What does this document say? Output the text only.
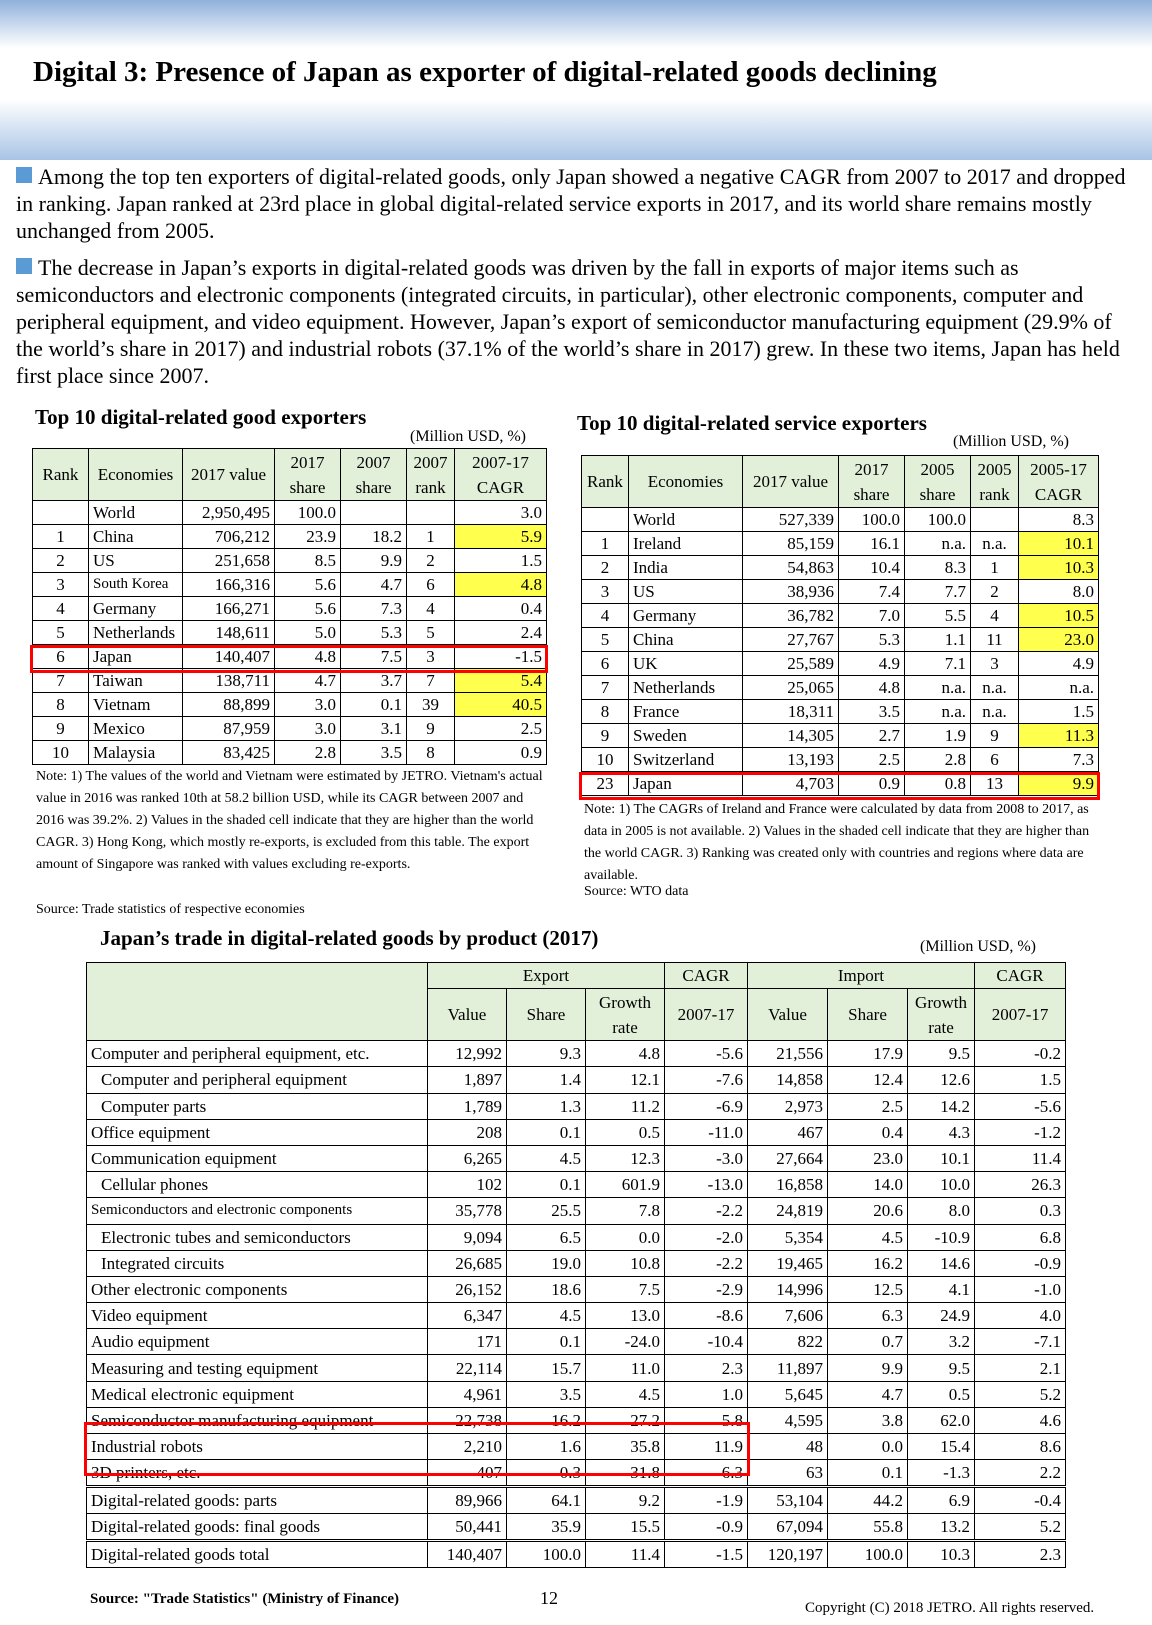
Digital 3: Presence of Japan as exporter of digital-related goods declining
Among the top ten exporters of digital-related goods, only Japan showed a negative CAGR from 2007 to 2017 and dropped in ranking. Japan ranked at 23rd place in global digital-related service exports in 2017, and its world share remains mostly unchanged from 2005.
The decrease in Japan’s exports in digital-related goods was driven by the fall in exports of major items such as semiconductors and electronic components (integrated circuits, in particular), other electronic components, computer and peripheral equipment, and video equipment. However, Japan’s export of semiconductor manufacturing equipment (29.9% of the world’s share in 2017) and industrial robots (37.1% of the world’s share in 2017) grew. In these two items, Japan has held first place since 2007.
Top 10 digital-related good exporters
(Million USD, %)
Rank	Economies	2017 value	2017 share	2007 share	2007 rank	2007-17 CAGR
	World	2,950,495	100.0			3.0
1	China	706,212	23.9	18.2	1	5.9
2	US	251,658	8.5	9.9	2	1.5
3	South Korea	166,316	5.6	4.7	6	4.8
4	Germany	166,271	5.6	7.3	4	0.4
5	Netherlands	148,611	5.0	5.3	5	2.4
6	Japan	140,407	4.8	7.5	3	-1.5
7	Taiwan	138,711	4.7	3.7	7	5.4
8	Vietnam	88,899	3.0	0.1	39	40.5
9	Mexico	87,959	3.0	3.1	9	2.5
10	Malaysia	83,425	2.8	3.5	8	0.9
Note: 1) The values of the world and Vietnam were estimated by JETRO. Vietnam's actual value in 2016 was ranked 10th at 58.2 billion USD, while its CAGR between 2007 and 2016 was 39.2%. 2) Values in the shaded cell indicate that they are higher than the world CAGR. 3) Hong Kong, which mostly re-exports, is excluded from this table. The export amount of Singapore was ranked with values excluding re-exports.
Source: Trade statistics of respective economies
Top 10 digital-related service exporters
(Million USD, %)
Rank	Economies	2017 value	2017 share	2005 share	2005 rank	2005-17 CAGR
	World	527,339	100.0	100.0		8.3
1	Ireland	85,159	16.1	n.a.	n.a.	10.1
2	India	54,863	10.4	8.3	1	10.3
3	US	38,936	7.4	7.7	2	8.0
4	Germany	36,782	7.0	5.5	4	10.5
5	China	27,767	5.3	1.1	11	23.0
6	UK	25,589	4.9	7.1	3	4.9
7	Netherlands	25,065	4.8	n.a.	n.a.	n.a.
8	France	18,311	3.5	n.a.	n.a.	1.5
9	Sweden	14,305	2.7	1.9	9	11.3
10	Switzerland	13,193	2.5	2.8	6	7.3
23	Japan	4,703	0.9	0.8	13	9.9
Note: 1) The CAGRs of Ireland and France were calculated by data from 2008 to 2017, as data in 2005 is not available. 2) Values in the shaded cell indicate that they are higher than the world CAGR. 3) Ranking was created only with countries and regions where data are available.
Source: WTO data
Japan’s trade in digital-related goods by product (2017)	(Million USD, %)
	Export			CAGR	Import			CAGR
	Value	Share	Growth rate	2007-17	Value	Share	Growth rate	2007-17
Computer and peripheral equipment, etc.	12,992	9.3	4.8	-5.6	21,556	17.9	9.5	-0.2
Computer and peripheral equipment	1,897	1.4	12.1	-7.6	14,858	12.4	12.6	1.5
Computer parts	1,789	1.3	11.2	-6.9	2,973	2.5	14.2	-5.6
Office equipment	208	0.1	0.5	-11.0	467	0.4	4.3	-1.2
Communication equipment	6,265	4.5	12.3	-3.0	27,664	23.0	10.1	11.4
Cellular phones	102	0.1	601.9	-13.0	16,858	14.0	10.0	26.3
Semiconductors and electronic components	35,778	25.5	7.8	-2.2	24,819	20.6	8.0	0.3
Electronic tubes and semiconductors	9,094	6.5	0.0	-2.0	5,354	4.5	-10.9	6.8
Integrated circuits	26,685	19.0	10.8	-2.2	19,465	16.2	14.6	-0.9
Other electronic components	26,152	18.6	7.5	-2.9	14,996	12.5	4.1	-1.0
Video equipment	6,347	4.5	13.0	-8.6	7,606	6.3	24.9	4.0
Audio equipment	171	0.1	-24.0	-10.4	822	0.7	3.2	-7.1
Measuring and testing equipment	22,114	15.7	11.0	2.3	11,897	9.9	9.5	2.1
Medical electronic equipment	4,961	3.5	4.5	1.0	5,645	4.7	0.5	5.2
Semiconductor manufacturing equipment	22,738	16.2	27.2	5.8	4,595	3.8	62.0	4.6
Industrial robots	2,210	1.6	35.8	11.9	48	0.0	15.4	8.6
3D printers, etc.	407	0.3	31.8	6.3	63	0.1	-1.3	2.2
Digital-related goods: parts	89,966	64.1	9.2	-1.9	53,104	44.2	6.9	-0.4
Digital-related goods: final goods	50,441	35.9	15.5	-0.9	67,094	55.8	13.2	5.2
Digital-related goods total	140,407	100.0	11.4	-1.5	120,197	100.0	10.3	2.3
Source: "Trade Statistics" (Ministry of Finance)	12	Copyright (C) 2018 JETRO. All rights reserved.
